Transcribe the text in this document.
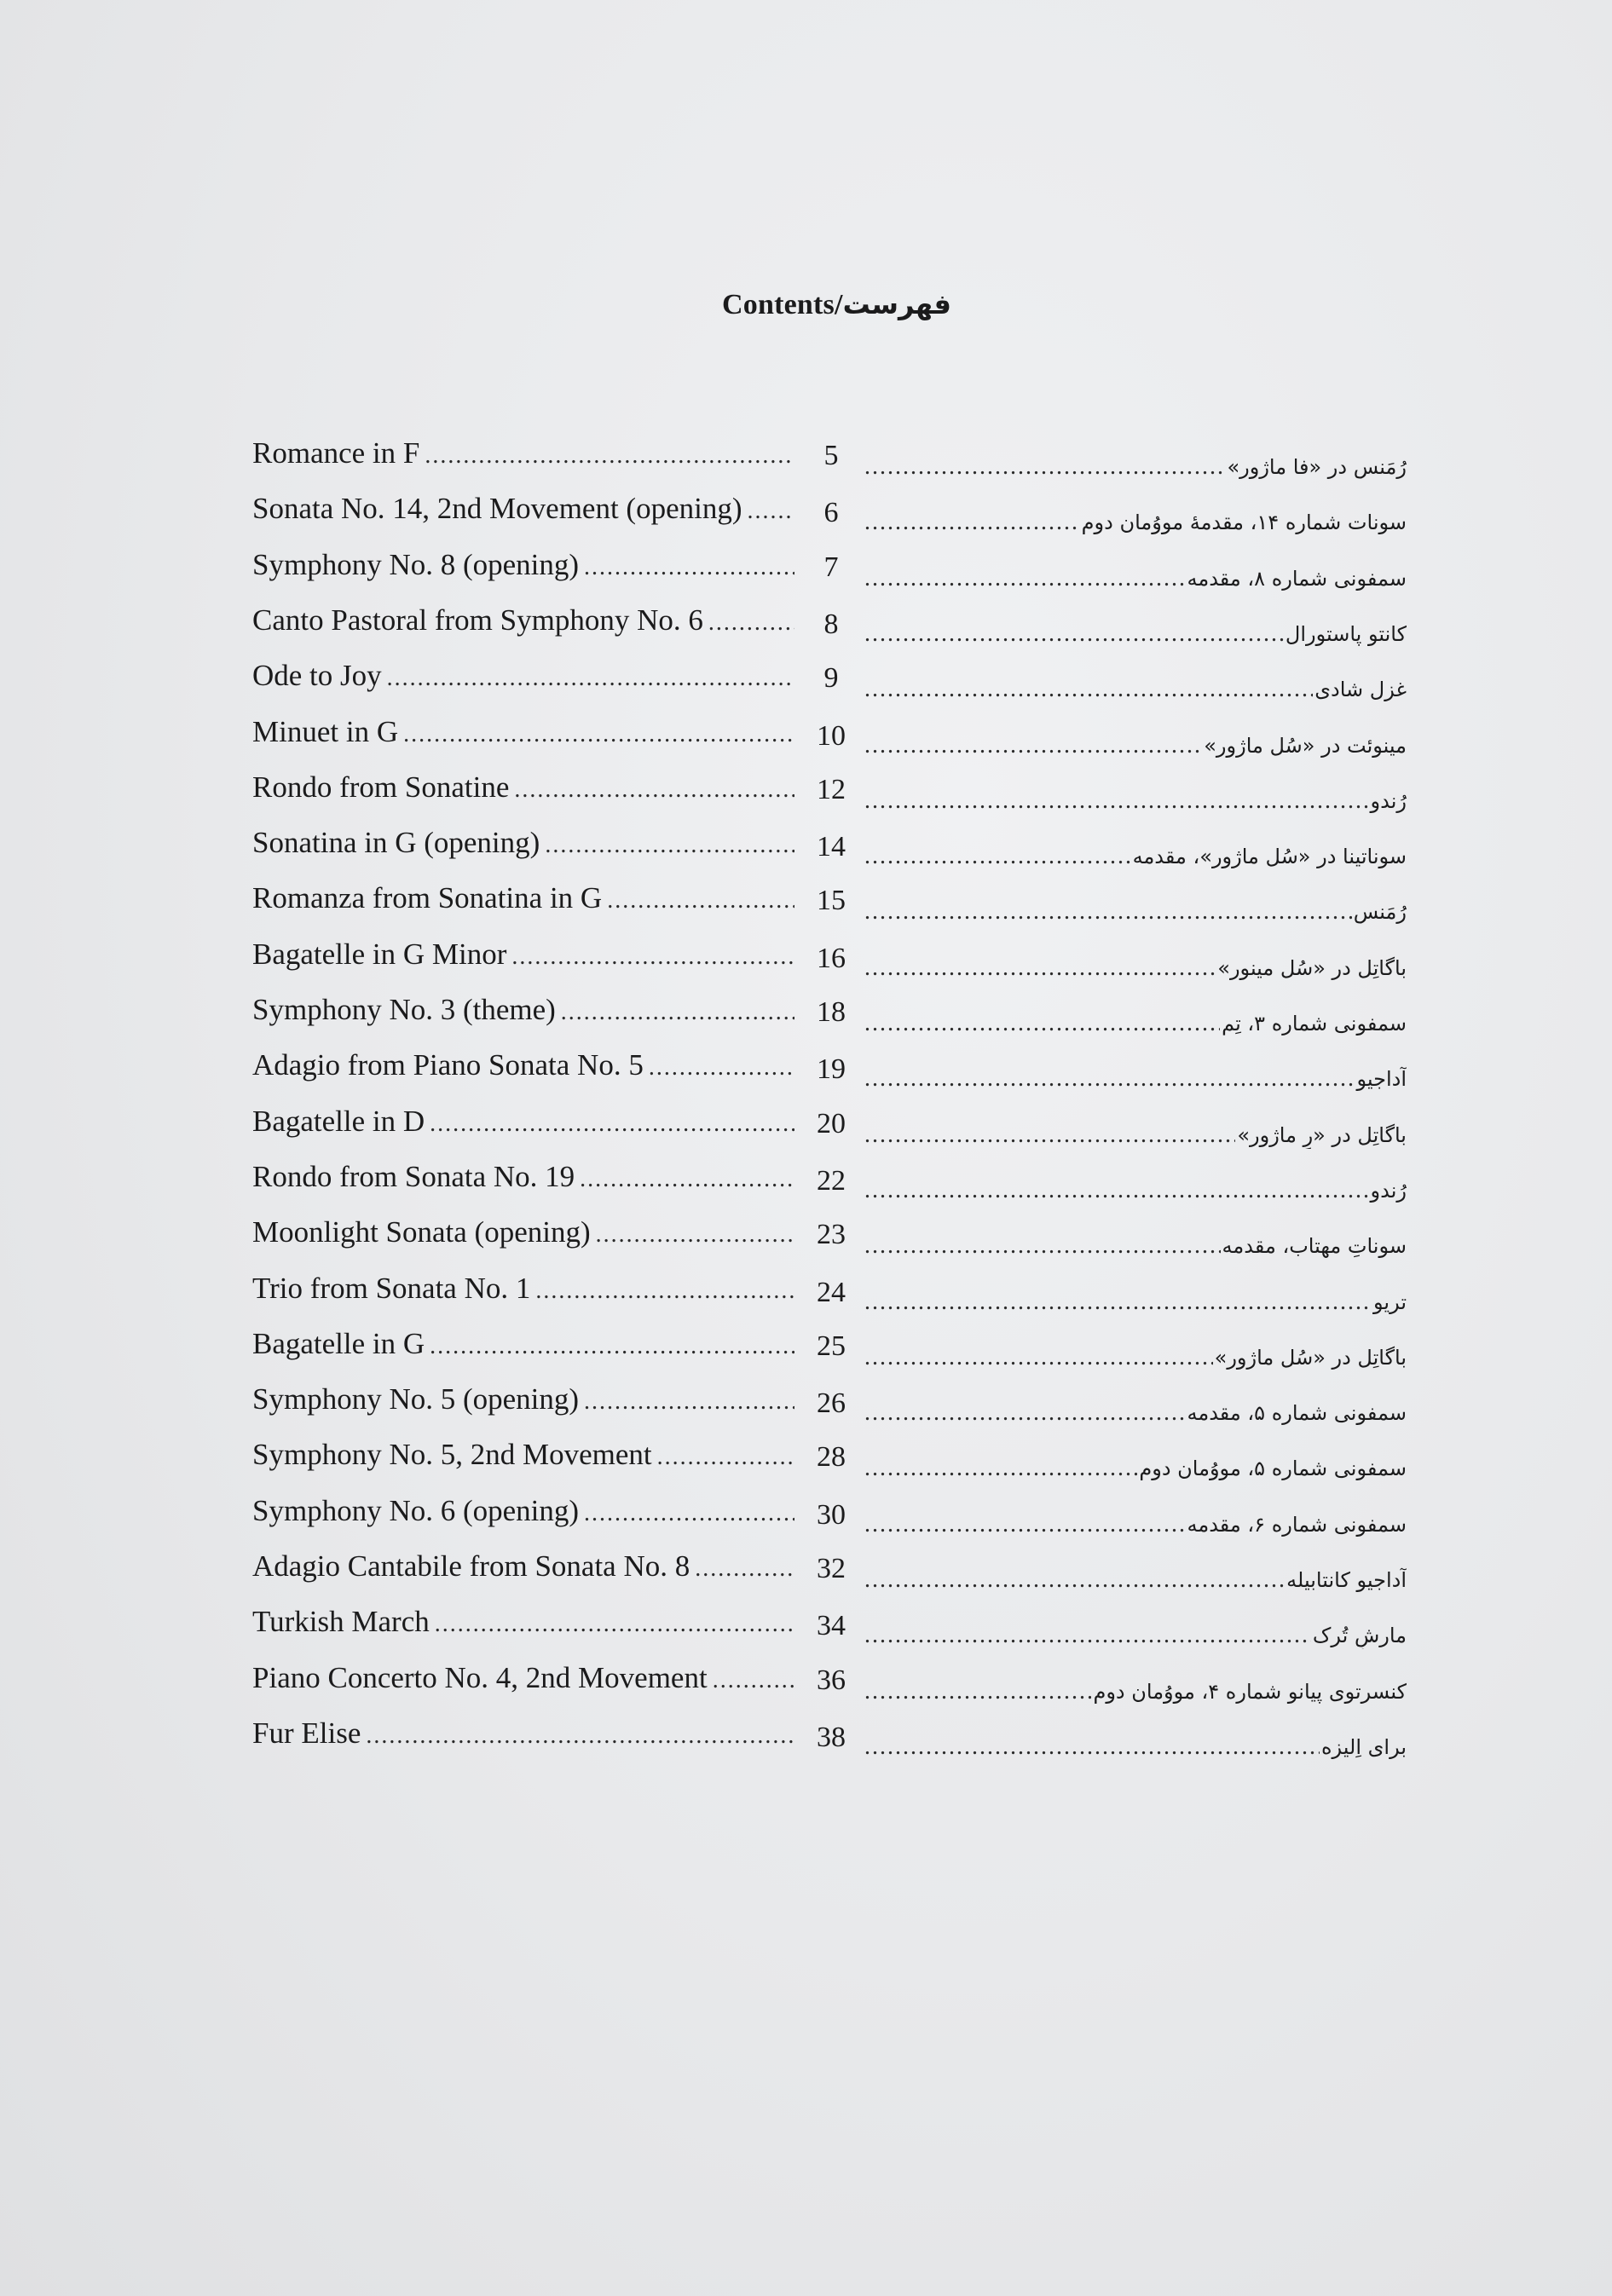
Contents/فهرست
Romance in F .....	5	رُمَنس در «فا ماژور»
.....
Sonata No. 14, 2nd Movement (opening) .....	6	سونات شماره ۱۴، مقدمهٔ مووُمان دوم
.....
Symphony No. 8 (opening) .....	7	سمفونی شماره ۸، مقدمه
.....
Canto Pastoral from Symphony No. 6 .....	8	کانتو پاستورال
.....
Ode to Joy .....	9	غزل شادی
.....
Minuet in G .....	10	مینوئت در «سُل ماژور»
.....
Rondo from Sonatine .....	12	رُندو
.....
Sonatina in G (opening) .....	14	سوناتینا در «سُل ماژور»، مقدمه
.....
Romanza from Sonatina in G .....	15	رُمَنس
.....
Bagatelle in G Minor .....	16	باگاتِل در «سُل مینور»
.....
Symphony No. 3 (theme) .....	18	سمفونی شماره ۳، تِم
.....
Adagio from Piano Sonata No. 5 .....	19	آداجیو
.....
Bagatelle in D .....	20	باگاتِل در «رِ ماژور»
.....
Rondo from Sonata No. 19 .....	22	رُندو
.....
Moonlight Sonata (opening) .....	23	سوناتِ مهتاب، مقدمه
.....
Trio from Sonata No. 1 .....	24	تریو
.....
Bagatelle in G .....	25	باگاتِل در «سُل ماژور»
.....
Symphony No. 5 (opening) .....	26	سمفونی شماره ۵، مقدمه
.....
Symphony No. 5, 2nd Movement .....	28	سمفونی شماره ۵، مووُمان دوم
.....
Symphony No. 6 (opening) .....	30	سمفونی شماره ۶، مقدمه
.....
Adagio Cantabile from Sonata No. 8 .....	32	آداجیو کانتابیله
.....
Turkish March .....	34	مارشِ تُرک
.....
Piano Concerto No. 4, 2nd Movement .....	36	کنسرتوی پیانو شماره ۴، مووُمان دوم
.....
Fur Elise .....	38	برای اِلیزه
.....
